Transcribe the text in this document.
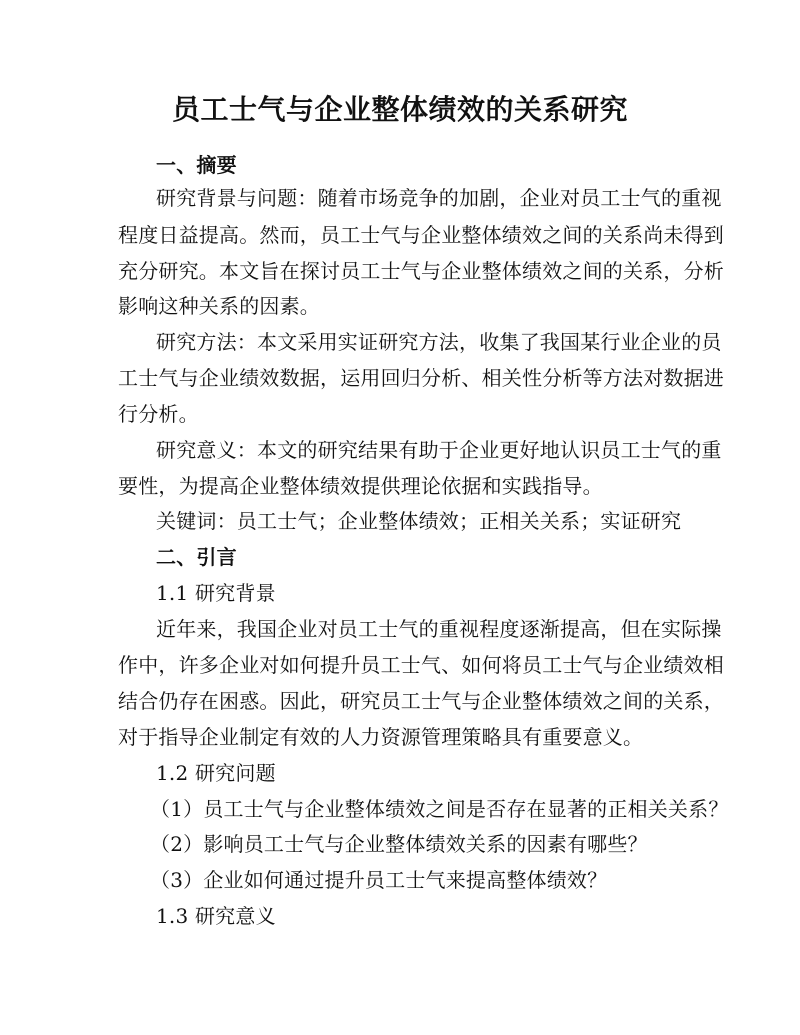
员工士气与企业整体绩效的关系研究
一、摘要
研究背景与问题：随着市场竞争的加剧，企业对员工士气的重视
程度日益提高。然而，员工士气与企业整体绩效之间的关系尚未得到
充分研究。本文旨在探讨员工士气与企业整体绩效之间的关系，分析
影响这种关系的因素。
研究方法：本文采用实证研究方法，收集了我国某行业企业的员
工士气与企业绩效数据，运用回归分析、相关性分析等方法对数据进
行分析。
研究意义：本文的研究结果有助于企业更好地认识员工士气的重
要性，为提高企业整体绩效提供理论依据和实践指导。
关键词：员工士气；企业整体绩效；正相关关系；实证研究
二、引言
1.1 研究背景
近年来，我国企业对员工士气的重视程度逐渐提高，但在实际操
作中，许多企业对如何提升员工士气、如何将员工士气与企业绩效相
结合仍存在困惑。因此，研究员工士气与企业整体绩效之间的关系，
对于指导企业制定有效的人力资源管理策略具有重要意义。
1.2 研究问题
（1）员工士气与企业整体绩效之间是否存在显著的正相关关系？
（2）影响员工士气与企业整体绩效关系的因素有哪些？
（3）企业如何通过提升员工士气来提高整体绩效？
1.3 研究意义
